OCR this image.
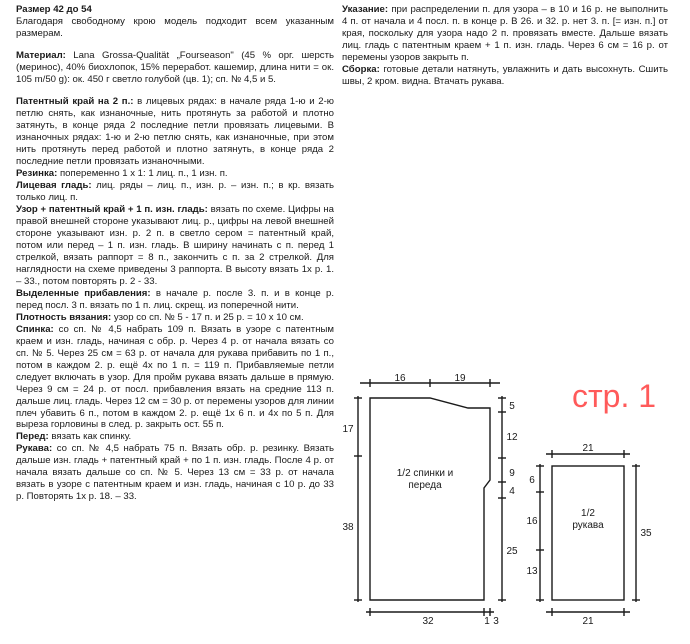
Размер 42 до 54

Благодаря свободному крою модель подходит всем указанным размерам.

Материал: Lana Grossa-Qualität „Fourseason" (45 % орг. шерсть (меринос), 40% биохлопок, 15% переработ. кашемир, длина нити = ок. 105 m/50 g): ок. 450 г светло голубой (цв. 1); сп. № 4,5 и 5.

Патентный край на 2 п.: в лицевых рядах: в начале ряда 1-ю и 2-ю петлю снять, как изнаночные, нить протянуть за работой и плотно затянуть, в конце ряда 2 последние петли провязать лицевыми. В изнаночных рядах: 1-ю и 2-ю петлю снять, как изнаночные, при этом нить протянуть перед работой и плотно затянуть, в конце ряда 2 последние петли провязать изнаночными.

Резинка: попеременно 1 х 1: 1 лиц. п., 1 изн. п.

Лицевая гладь: лиц. ряды – лиц. п., изн. р. – изн. п.; в кр. вязать только лиц. п.

Узор + патентный край + 1 п. изн. гладь: вязать по схеме. Цифры на правой внешней стороне указывают лиц. р., цифры на левой внешней стороне указывают изн. р. 2 п. в светло сером = патентный край, потом или перед – 1 п. изн. гладь. В ширину начинать с п. перед 1 стрелкой, вязать раппорт = 8 п., закончить с п. за 2 стрелкой. Для наглядности на схеме приведены 3 раппорта. В высоту вязать 1х р. 1. – 33., потом повторять р. 2 - 33.

Выделенные прибавления: в начале р. после 3. п. и в конце р. перед посл. 3 п. вязать по 1 п. лиц. скрещ. из поперечной нити.

Плотность вязания: узор со сп. № 5 - 17 п. и 25 р. = 10 х 10 см.

Спинка: со сп. № 4,5 набрать 109 п. Вязать в узоре с патентным краем и изн. гладь, начиная с обр. р. Через 4 р. от начала вязать со сп. № 5. Через 25 см = 63 р. от начала для рукава прибавить по 1 п., потом в каждом 2. р. ещё 4х по 1 п. = 119 п. Прибавляемые петли следует включать в узор. Для пройм рукава вязать дальше в прямую. Через 9 см = 24 р. от посл. прибавления вязать на средние 113 п. дальше лиц. гладь. Через 12 см = 30 р. от перемены узоров для линии плеч убавить 6 п., потом в каждом 2. р. ещё 1х 6 п. и 4х по 5 п. Для выреза горловины в след. р. закрыть ост. 55 п.

Перед: вязать как спинку.

Рукава: со сп. № 4,5 набрать 75 п. Вязать обр. р. резинку. Вязать дальше изн. гладь + патентный край + по 1 п. изн. гладь. После 4 р. от начала вязать дальше со сп. № 5. Через 13 см = 33 р. от начала вязать в узоре с патентным краем и изн. гладь, начиная с 10 р. до 33 р. Повторять 1х р. 18. – 33.

Указание: при распределении п. для узора – в 10 и 16 р. не выполнить 4 п. от начала и 4 посл. п. в конце р. В 26. и 32. р. нет 3. п. [= изн. п.] от края, поскольку для узора надо 2 п. провязать вместе. Дальше вязать лиц. гладь с патентным краем + 1 п. изн. гладь. Через 6 см = 16 р. от перемены узоров закрыть п.

Сборка: готовые детали натянуть, увлажнить и дать высохнуть. Сшить швы, 2 кром. видна. Втачать рукава.

стр. 1
16	19
17
38
5
12
9
4
25
32	1 3
1/2 спинки и
переда
21
21
6
16
13
35
1/2
рукава
